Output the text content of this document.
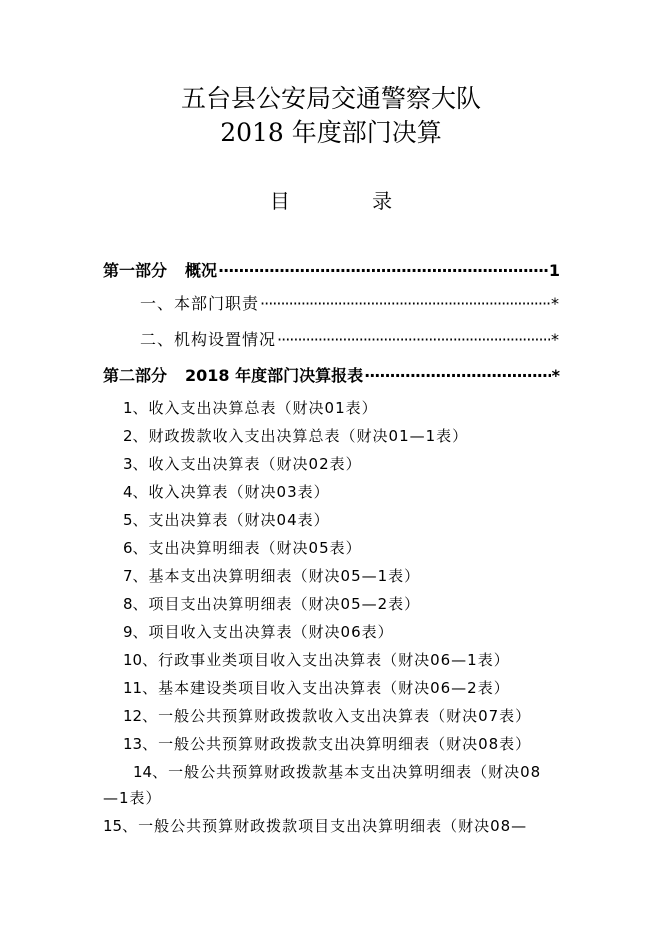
五台县公安局交通警察大队
2018 年度部门决算
目 录
第一部分 概况 ·····	1
一、本部门职责 ·····	*
二、机构设置情况 ·····	*
第二部分 2018 年度部门决算报表 ·····	*
1、收入支出决算总表（财决01表）
2、财政拨款收入支出决算总表（财决01—1表）
3、收入支出决算表（财决02表）
4、收入决算表（财决03表）
5、支出决算表（财决04表）
6、支出决算明细表（财决05表）
7、基本支出决算明细表（财决05—1表）
8、项目支出决算明细表（财决05—2表）
9、项目收入支出决算表（财决06表）
10、行政事业类项目收入支出决算表（财决06—1表）
11、基本建设类项目收入支出决算表（财决06—2表）
12、一般公共预算财政拨款收入支出决算表（财决07表）
13、一般公共预算财政拨款支出决算明细表（财决08表）
14、一般公共预算财政拨款基本支出决算明细表（财决08
—1表）
15、一般公共预算财政拨款项目支出决算明细表（财决08—
